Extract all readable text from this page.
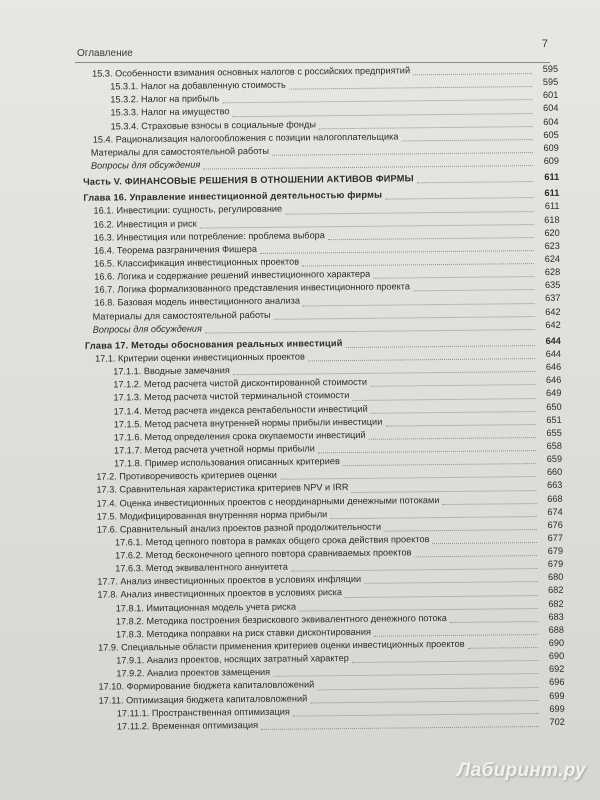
Оглавление
7
15.3. Особенности взимания основных налогов с российских предприятий	595
15.3.1. Налог на добавленную стоимость	595
15.3.2. Налог на прибыль	601
15.3.3. Налог на имущество	604
15.3.4. Страховые взносы в социальные фонды	604
15.4. Рационализация налогообложения с позиции налогоплательщика	605
Материалы для самостоятельной работы	609
Вопросы для обсуждения	609
Часть V. ФИНАНСОВЫЕ РЕШЕНИЯ В ОТНОШЕНИИ АКТИВОВ ФИРМЫ	611
Глава 16. Управление инвестиционной деятельностью фирмы	611
16.1. Инвестиции: сущность, регулирование	611
16.2. Инвестиция и риск	618
16.3. Инвестиция или потребление: проблема выбора	620
16.4. Теорема разграничения Фишера	623
16.5. Классификация инвестиционных проектов	624
16.6. Логика и содержание решений инвестиционного характера	628
16.7. Логика формализованного представления инвестиционного проекта	635
16.8. Базовая модель инвестиционного анализа	637
Материалы для самостоятельной работы	642
Вопросы для обсуждения	642
Глава 17. Методы обоснования реальных инвестиций	644
17.1. Критерии оценки инвестиционных проектов	644
17.1.1. Вводные замечания	646
17.1.2. Метод расчета чистой дисконтированной стоимости	646
17.1.3. Метод расчета чистой терминальной стоимости	649
17.1.4. Метод расчета индекса рентабельности инвестиций	650
17.1.5. Метод расчета внутренней нормы прибыли инвестиции	651
17.1.6. Метод определения срока окупаемости инвестиций	655
17.1.7. Метод расчета учетной нормы прибыли	658
17.1.8. Пример использования описанных критериев	659
17.2. Противоречивость критериев оценки	660
17.3. Сравнительная характеристика критериев NPV и IRR	663
17.4. Оценка инвестиционных проектов с неординарными денежными потоками	668
17.5. Модифицированная внутренняя норма прибыли	674
17.6. Сравнительный анализ проектов разной продолжительности	676
17.6.1. Метод цепного повтора в рамках общего срока действия проектов	677
17.6.2. Метод бесконечного цепного повтора сравниваемых проектов	679
17.6.3. Метод эквивалентного аннуитета	679
17.7. Анализ инвестиционных проектов в условиях инфляции	680
17.8. Анализ инвестиционных проектов в условиях риска	682
17.8.1. Имитационная модель учета риска	682
17.8.2. Методика построения безрискового эквивалентного денежного потока	683
17.8.3. Методика поправки на риск ставки дисконтирования	688
17.9. Специальные области применения критериев оценки инвестиционных проектов	690
17.9.1. Анализ проектов, носящих затратный характер	690
17.9.2. Анализ проектов замещения	692
17.10. Формирование бюджета капиталовложений	696
17.11. Оптимизация бюджета капиталовложений	699
17.11.1. Пространственная оптимизация	699
17.11.2. Временная оптимизация	702
Лабиринт.ру
